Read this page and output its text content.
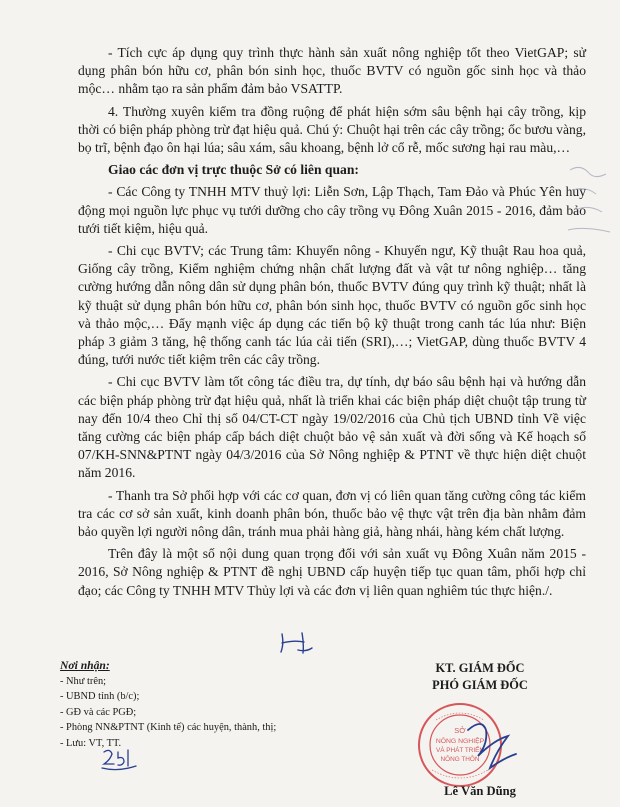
- Tích cực áp dụng quy trình thực hành sản xuất nông nghiệp tốt theo VietGAP; sử dụng phân bón hữu cơ, phân bón sinh học, thuốc BVTV có nguồn gốc sinh học và thảo mộc… nhằm tạo ra sản phẩm đảm bảo VSATTP.

4. Thường xuyên kiểm tra đồng ruộng để phát hiện sớm sâu bệnh hại cây trồng, kịp thời có biện pháp phòng trừ đạt hiệu quả. Chú ý: Chuột hại trên các cây trồng; ốc bươu vàng, bọ trĩ, bệnh đạo ôn hại lúa; sâu xám, sâu khoang, bệnh lở cổ rễ, mốc sương hại rau màu,…

Giao các đơn vị trực thuộc Sở có liên quan:

- Các Công ty TNHH MTV thuỷ lợi: Liễn Sơn, Lập Thạch, Tam Đảo và Phúc Yên huy động mọi nguồn lực phục vụ tưới dưỡng cho cây trồng vụ Đông Xuân 2015 - 2016, đảm bảo tưới tiết kiệm, hiệu quả.

- Chi cục BVTV; các Trung tâm: Khuyến nông - Khuyến ngư, Kỹ thuật Rau hoa quả, Giống cây trồng, Kiểm nghiệm chứng nhận chất lượng đất và vật tư nông nghiệp… tăng cường hướng dẫn nông dân sử dụng phân bón, thuốc BVTV đúng quy trình kỹ thuật; nhất là kỹ thuật sử dụng phân bón hữu cơ, phân bón sinh học, thuốc BVTV có nguồn gốc sinh học và thảo mộc,… Đẩy mạnh việc áp dụng các tiến bộ kỹ thuật trong canh tác lúa như: Biện pháp 3 giảm 3 tăng, hệ thống canh tác lúa cải tiến (SRI),…; VietGAP, dùng thuốc BVTV 4 đúng, tưới nước tiết kiệm trên các cây trồng.

- Chi cục BVTV làm tốt công tác điều tra, dự tính, dự báo sâu bệnh hại và hướng dẫn các biện pháp phòng trừ đạt hiệu quả, nhất là triển khai các biện pháp diệt chuột tập trung từ nay đến 10/4 theo Chỉ thị số 04/CT-CT ngày 19/02/2016 của Chủ tịch UBND tỉnh Về việc tăng cường các biện pháp cấp bách diệt chuột bảo vệ sản xuất và đời sống và Kế hoạch số 07/KH-SNN&PTNT ngày 04/3/2016 của Sở Nông nghiệp & PTNT về thực hiện diệt chuột năm 2016.

- Thanh tra Sở phối hợp với các cơ quan, đơn vị có liên quan tăng cường công tác kiểm tra các cơ sở sản xuất, kinh doanh phân bón, thuốc bảo vệ thực vật trên địa bàn nhằm đảm bảo quyền lợi người nông dân, tránh mua phải hàng giả, hàng nhái, hàng kém chất lượng.

Trên đây là một số nội dung quan trọng đối với sản xuất vụ Đông Xuân năm 2015 - 2016, Sở Nông nghiệp & PTNT đề nghị UBND cấp huyện tiếp tục quan tâm, phối hợp chỉ đạo; các Công ty TNHH MTV Thủy lợi và các đơn vị liên quan nghiêm túc thực hiện./.

Nơi nhận:
- Như trên;
- UBND tỉnh (b/c);
- GĐ và các PGĐ;
- Phòng NN&PTNT (Kinh tế) các huyện, thành, thị;
- Lưu: VT, TT.
KT. GIÁM ĐỐC
PHÓ GIÁM ĐỐC
SỞ
NÔNG NGHIỆP
VÀ PHÁT TRIỂN
NÔNG THÔN
Lê Văn Dũng
